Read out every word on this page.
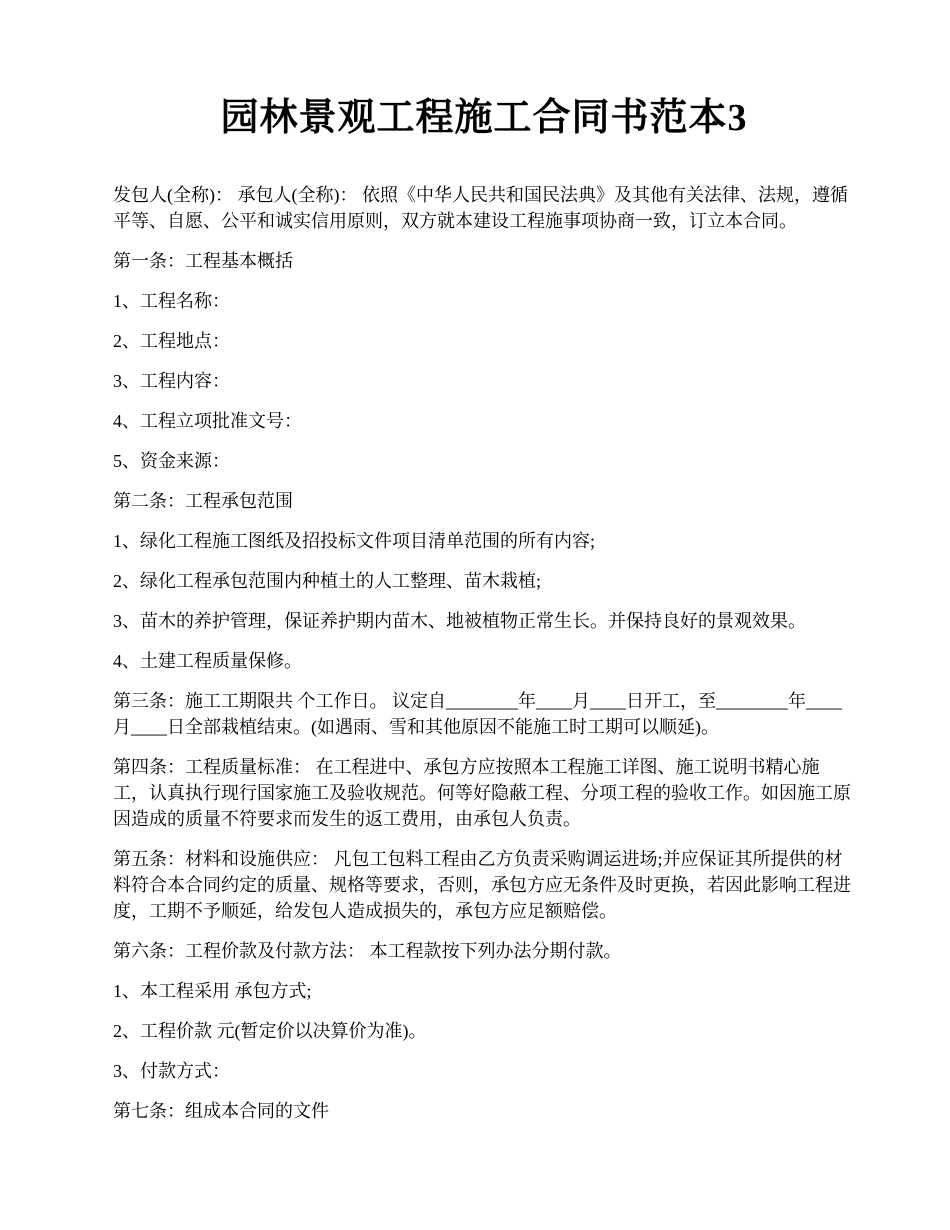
园林景观工程施工合同书范本3

发包人(全称)： 承包人(全称)： 依照《中华人民共和国民法典》及其他有关法律、法规，遵循平等、自愿、公平和诚实信用原则，双方就本建设工程施事项协商一致，订立本合同。

第一条：工程基本概括

1、工程名称：

2、工程地点：

3、工程内容：

4、工程立项批准文号：

5、资金来源：

第二条：工程承包范围

1、绿化工程施工图纸及招投标文件项目清单范围的所有内容;

2、绿化工程承包范围内种植土的人工整理、苗木栽植;

3、苗木的养护管理，保证养护期内苗木、地被植物正常生长。并保持良好的景观效果。

4、土建工程质量保修。

第三条：施工工期限共 个工作日。 议定自________年____月____日开工，至________年____月____日全部栽植结束。(如遇雨、雪和其他原因不能施工时工期可以顺延)。

第四条：工程质量标准： 在工程进中、承包方应按照本工程施工详图、施工说明书精心施工，认真执行现行国家施工及验收规范。何等好隐蔽工程、分项工程的验收工作。如因施工原因造成的质量不符要求而发生的返工费用，由承包人负责。

第五条：材料和设施供应： 凡包工包料工程由乙方负责采购调运进场;并应保证其所提供的材料符合本合同约定的质量、规格等要求，否则，承包方应无条件及时更换，若因此影响工程进度，工期不予顺延，给发包人造成损失的，承包方应足额赔偿。

第六条：工程价款及付款方法： 本工程款按下列办法分期付款。

1、本工程采用 承包方式;

2、工程价款 元(暂定价以决算价为准)。

3、付款方式：

第七条：组成本合同的文件
